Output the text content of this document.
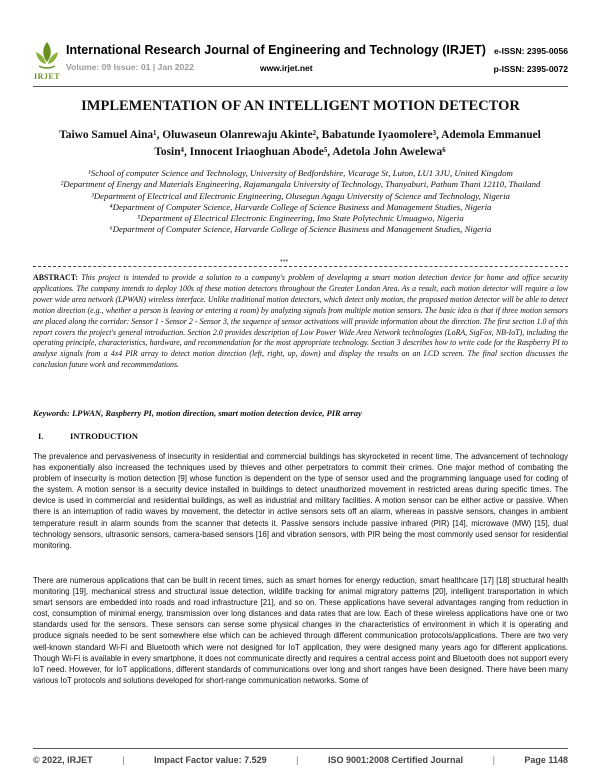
IRJET
International Research Journal of Engineering and Technology (IRJET)
Volume: 09 Issue: 01 | Jan 2022	www.irjet.net
e-ISSN: 2395-0056
p-ISSN: 2395-0072
IMPLEMENTATION OF AN INTELLIGENT MOTION DETECTOR
Taiwo Samuel Aina¹, Oluwaseun Olanrewaju Akinte², Babatunde Iyaomolere³, Ademola Emmanuel Tosin⁴, Innocent Iriaoghuan Abode⁵, Adetola John Awelewa⁶
¹School of computer Science and Technology, University of Bedfordshire, Vicarage St, Luton, LU1 3JU, United Kingdom
²Department of Energy and Materials Engineering, Rajamangala University of Technology, Thanyaburi, Pathum Thani 12110, Thailand
³Department of Electrical and Electronic Engineering, Olusegun Agagu University of Science and Technology, Nigeria
⁴Department of Computer Science, Harvarde College of Science Business and Management Studies, Nigeria
⁵Department of Electrical Electronic Engineering, Imo State Polytechnic Umuagwo, Nigeria
⁶Department of Computer Science, Harvarde College of Science Business and Management Studies, Nigeria
***
ABSTRACT: This project is intended to provide a solution to a company's problem of developing a smart motion detection device for home and office security applications. The company intends to deploy 100s of these motion detectors throughout the Greater London Area. As a result, each motion detector will require a low power wide area network (LPWAN) wireless interface. Unlike traditional motion detectors, which detect only motion, the proposed motion detector will be able to detect motion direction (e.g., whether a person is leaving or entering a room) by analyzing signals from multiple motion sensors. The basic idea is that if three motion sensors are placed along the corridor: Sensor 1 - Sensor 2 - Sensor 3, the sequence of sensor activations will provide information about the direction. The first section 1.0 of this report covers the project's general introduction. Section 2.0 provides description of Low Power Wide Area Network technologies (LoRA, SigFox, NB-IoT), including the operating principle, characteristics, hardware, and recommendation for the most appropriate technology. Section 3 describes how to write code for the Raspberry PI to analyse signals from a 4x4 PIR array to detect motion direction (left, right, up, down) and display the results on an LCD screen. The final section discusses the conclusion future work and recommendations.
Keywords: LPWAN, Raspberry PI, motion direction, smart motion detection device, PIR array
I.	INTRODUCTION
The prevalence and pervasiveness of insecurity in residential and commercial buildings has skyrocketed in recent time. The advancement of technology has exponentially also increased the techniques used by thieves and other perpetrators to commit their crimes. One major method of combating the problem of insecurity is motion detection [9] whose function is dependent on the type of sensor used and the programming language used for coding of the system. A motion sensor is a security device installed in buildings to detect unauthorized movement in restricted areas during specific times. The device is used in commercial and residential buildings, as well as industrial and military facilities. A motion sensor can be either active or passive. When there is an interruption of radio waves by movement, the detector in active sensors sets off an alarm, whereas in passive sensors, changes in ambient temperature result in alarm sounds from the scanner that detects it. Passive sensors include passive infrared (PIR) [14], microwave (MW) [15], dual technology sensors, ultrasonic sensors, camera-based sensors [16] and vibration sensors, with PIR being the most commonly used sensor for residential monitoring.
There are numerous applications that can be built in recent times, such as smart homes for energy reduction, smart healthcare [17] [18] structural health monitoring [19], mechanical stress and structural issue detection, wildlife tracking for animal migratory patterns [20], intelligent transportation in which smart sensors are embedded into roads and road infrastructure [21], and so on. These applications have several advantages ranging from reduction in cost, consumption of minimal energy, transmission over long distances and data rates that are low. Each of these wireless applications have one or two standards used for the sensors. These sensors can sense some physical changes in the characteristics of environment in which it is operating and produce signals needed to be sent somewhere else which can be achieved through different communication protocols/applications. There are two very well-known standard Wi-Fi and Bluetooth which were not designed for IoT application, they were designed many years ago for different applications. Though Wi-Fi is available in every smartphone, it does not communicate directly and requires a central access point and Bluetooth does not support every IoT need. However, for IoT applications, different standards of communications over long and short ranges have been designed. There have been many various IoT protocols and solutions developed for short-range communication networks. Some of
© 2022, IRJET	|	Impact Factor value: 7.529	|	ISO 9001:2008 Certified Journal	|	Page 1148
